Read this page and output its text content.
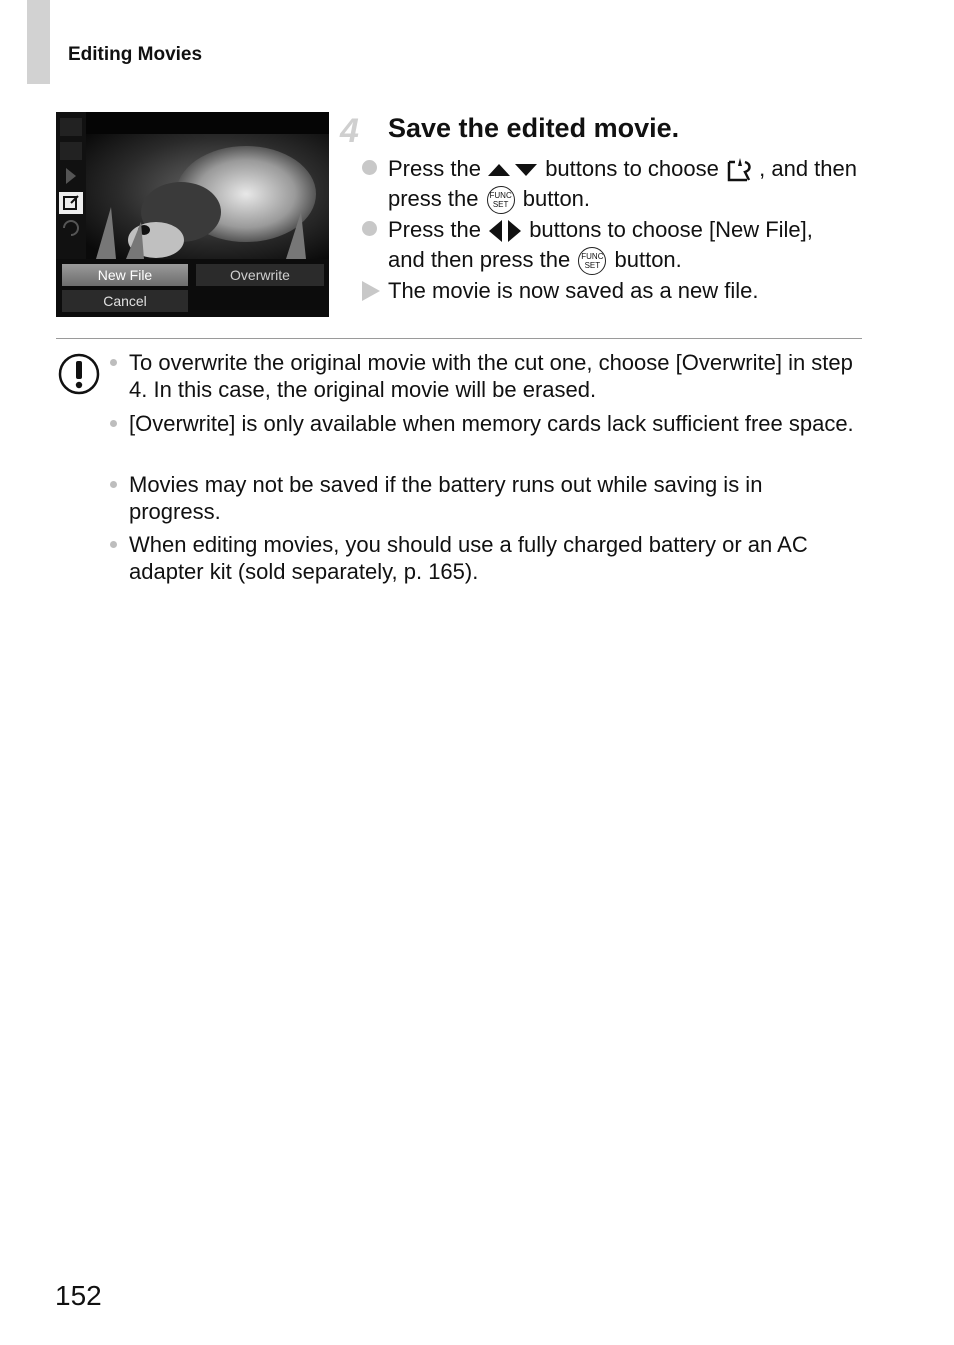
Editing Movies
New File	Overwrite
Cancel
4 Save the edited movie.
Press the	buttons to choose , and then
press the FUNC
SET button.
Press the buttons to choose [New File],
and then press the FUNC
SET button.
The movie is now saved as a new file.
To overwrite the original movie with the cut one, choose [Overwrite] in step 4. In this case, the original movie will be erased.
[Overwrite] is only available when memory cards lack sufficient free space.
Movies may not be saved if the battery runs out while saving is in progress.
When editing movies, you should use a fully charged battery or an AC adapter kit (sold separately, p. 165).
152
